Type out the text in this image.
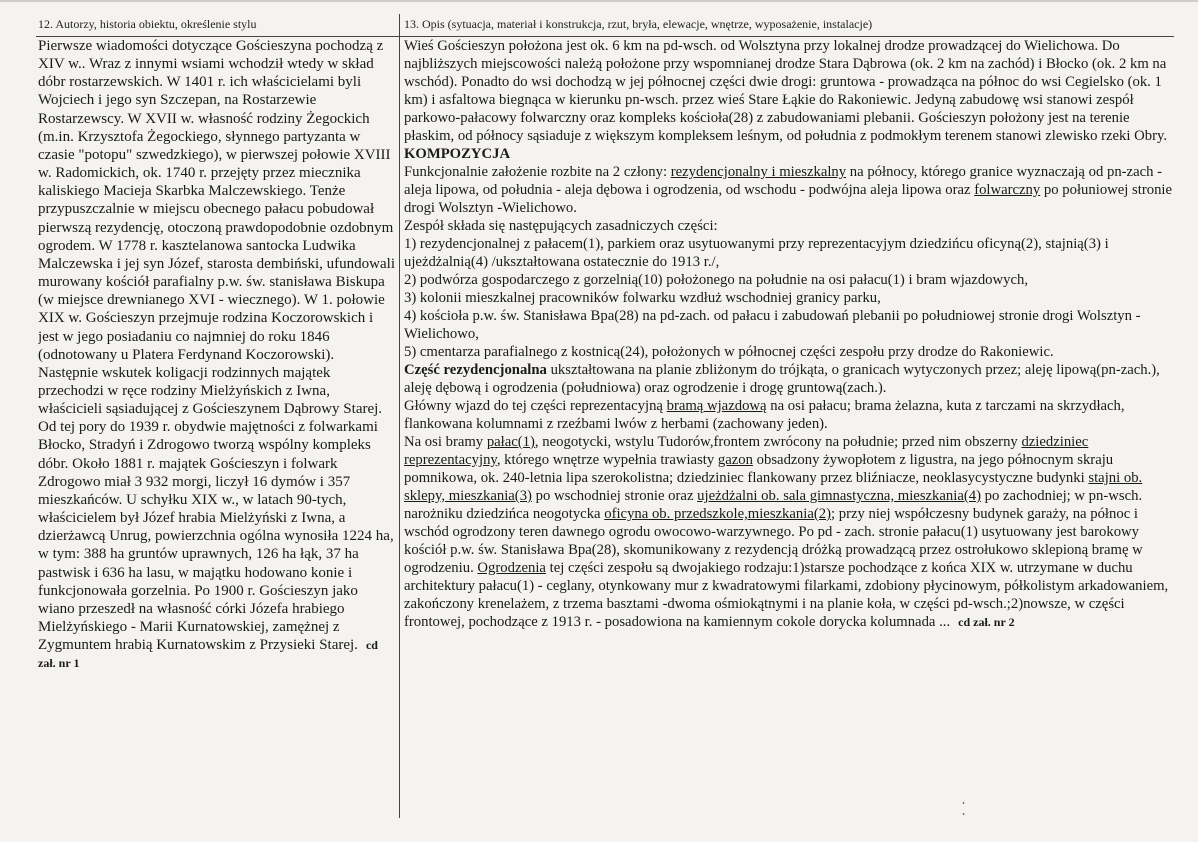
12. Autorzy, historia obiektu, określenie stylu

Pierwsze wiadomości dotyczące Gościeszyna pochodzą z XIV w.. Wraz z innymi wsiami wchodził wtedy w skład dóbr rostarzewskich. W 1401 r. ich właścicielami byli Wojciech i jego syn Szczepan, na Rostarzewie Rostarzewscy. W XVII w. własność rodziny Żegockich (m.in. Krzysztofa Żegockiego, słynnego partyzanta w czasie "potopu" szwedzkiego), w pierwszej połowie XVIII w. Radomickich, ok. 1740 r. przejęty przez miecznika kaliskiego Macieja Skarbka Malczewskiego. Tenże przypuszczalnie w miejscu obecnego pałacu pobudował pierwszą rezydencję, otoczoną prawdopodobnie ozdobnym ogrodem. W 1778 r. kasztelanowa santocka Ludwika Malczewska i jej syn Józef, starosta dembiński, ufundowali murowany kościół parafialny p.w. św. stanisława Biskupa (w miejsce drewnianego XVI - wiecznego). W 1. połowie XIX w. Gościeszyn przejmuje rodzina Koczorowskich i jest w jego posiadaniu co najmniej do roku 1846 (odnotowany u Platera Ferdynand Koczorowski). Następnie wskutek koligacji rodzinnych majątek przechodzi w ręce rodziny Mielżyńskich z Iwna, właścicieli sąsiadującej z Gościeszynem Dąbrowy Starej. Od tej pory do 1939 r. obydwie majętności z folwarkami Błocko, Stradyń i Zdrogowo tworzą wspólny kompleks dóbr. Około 1881 r. majątek Gościeszyn i folwark Zdrogowo miał 3 932 morgi, liczył 16 dymów i 357 mieszkańców. U schyłku XIX w., w latach 90-tych, właścicielem był Józef hrabia Mielżyński z Iwna, a dzierżawcą Unrug, powierzchnia ogólna wynosiła 1224 ha, w tym: 388 ha gruntów uprawnych, 126 ha łąk, 37 ha pastwisk i 636 ha lasu, w majątku hodowano konie i funkcjonowała gorzelnia. Po 1900 r. Gościeszyn jako wiano przeszedł na własność córki Józefa hrabiego Mielżyńskiego - Marii Kurnatowskiej, zamężnej z Zygmuntem hrabią Kurnatowskim z Przysieki Starej. cd zał. nr 1

13. Opis (sytuacja, materiał i konstrukcja, rzut, bryła, elewacje, wnętrze, wyposażenie, instalacje)

Wieś Gościeszyn położona jest ok. 6 km na pd-wsch. od Wolsztyna przy lokalnej drodze prowadzącej do Wielichowa. Do najbliższych miejscowości należą położone przy wspomnianej drodze Stara Dąbrowa (ok. 2 km na zachód) i Błocko (ok. 2 km na wschód). Ponadto do wsi dochodzą w jej północnej części dwie drogi: gruntowa - prowadząca na północ do wsi Cegielsko (ok. 1 km) i asfaltowa biegnąca w kierunku pn-wsch. przez wieś Stare Łąkie do Rakoniewic. Jedyną zabudowę wsi stanowi zespół parkowo-pałacowy folwarczny oraz kompleks kościoła(28) z zabudowaniami plebanii. Gościeszyn położony jest na terenie płaskim, od północy sąsiaduje z większym kompleksem leśnym, od południa z podmokłym terenem stanowi zlewisko rzeki Obry.

KOMPOZYCJA

Funkcjonalnie założenie rozbite na 2 człony: rezydencjonalny i mieszkalny na północy, którego granice wyznaczają od pn-zach - aleja lipowa, od południa - aleja dębowa i ogrodzenia, od wschodu - podwójna aleja lipowa oraz folwarczny po połuniowej stronie drogi Wolsztyn -Wielichowo.

Zespół składa się następujących zasadniczych części:

1) rezydencjonalnej z pałacem(1), parkiem oraz usytuowanymi przy reprezentacyjym dziedzińcu oficyną(2), stajnią(3) i ujeżdżalnią(4) /ukształtowana ostatecznie do 1913 r./,

2) podwórza gospodarczego z gorzelnią(10) położonego na południe na osi pałacu(1) i bram wjazdowych,

3) kolonii mieszkalnej pracowników folwarku wzdłuż wschodniej granicy parku,

4) kościoła p.w. św. Stanisława Bpa(28) na pd-zach. od pałacu i zabudowań plebanii po południowej stronie drogi Wolsztyn - Wielichowo,

5) cmentarza parafialnego z kostnicą(24), położonych w północnej części zespołu przy drodze do Rakoniewic.

Część rezydencjonalna ukształtowana na planie zbliżonym do trójkąta, o granicach wytyczonych przez; aleję lipową(pn-zach.), aleję dębową i ogrodzenia (południowa) oraz ogrodzenie i drogę gruntową(zach.).

Główny wjazd do tej części reprezentacyjną bramą wjazdową na osi pałacu; brama żelazna, kuta z tarczami na skrzydłach, flankowana kolumnami z rzeźbami lwów z herbami (zachowany jeden).

Na osi bramy pałac(1), neogotycki, wstylu Tudorów,frontem zwrócony na południe; przed nim obszerny dziedziniec reprezentacyjny, którego wnętrze wypełnia trawiasty gazon obsadzony żywopłotem z ligustra, na jego północnym skraju pomnikowa, ok. 240-letnia lipa szerokolistna; dziedziniec flankowany przez bliźniacze, neoklasycystyczne budynki stajni ob. sklepy, mieszkania(3) po wschodniej stronie oraz ujeżdżalni ob. sala gimnastyczna, mieszkania(4) po zachodniej; w pn-wsch. narożniku dziedzińca neogotycka oficyna ob. przedszkole,mieszkania(2); przy niej współczesny budynek garaży, na północ i wschód ogrodzony teren dawnego ogrodu owocowo-warzywnego. Po pd - zach. stronie pałacu(1) usytuowany jest barokowy kościół p.w. św. Stanisława Bpa(28), skomunikowany z rezydencją dróżką prowadzącą przez ostrołukowo sklepioną bramę w ogrodzeniu. Ogrodzenia tej części zespołu są dwojakiego rodzaju:1)starsze pochodzące z końca XIX w. utrzymane w duchu architektury pałacu(1) - ceglany, otynkowany mur z kwadratowymi filarkami, zdobiony płycinowym, półkolistym arkadowaniem, zakończony krenelażem, z trzema basztami -dwoma ośmiokątnymi i na planie koła, w części pd-wsch.;2)nowsze, w części frontowej, pochodzące z 1913 r. - posadowiona na kamiennym cokole dorycka kolumnada ... cd zał. nr 2
